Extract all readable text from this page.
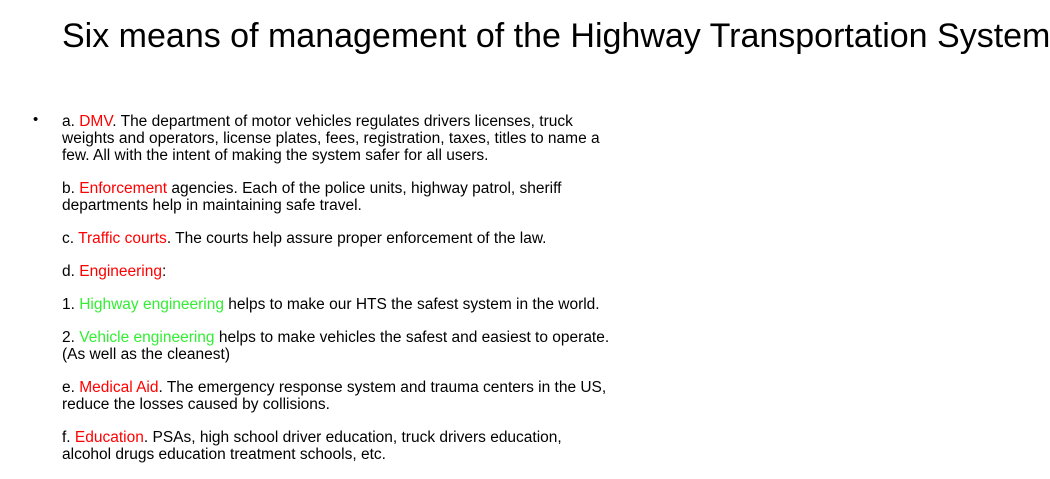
Six means of management of the Highway Transportation System
• a. DMV. The department of motor vehicles regulates drivers licenses, truck weights and operators, license plates, fees, registration, taxes, titles to name a few. All with the intent of making the system safer for all users.

b. Enforcement agencies. Each of the police units, highway patrol, sheriff departments help in maintaining safe travel.

c. Traffic courts. The courts help assure proper enforcement of the law.

d. Engineering:

1. Highway engineering helps to make our HTS the safest system in the world.

2. Vehicle engineering helps to make vehicles the safest and easiest to operate. (As well as the cleanest)

e. Medical Aid. The emergency response system and trauma centers in the US, reduce the losses caused by collisions.

f. Education. PSAs, high school driver education, truck drivers education, alcohol drugs education treatment schools, etc.
